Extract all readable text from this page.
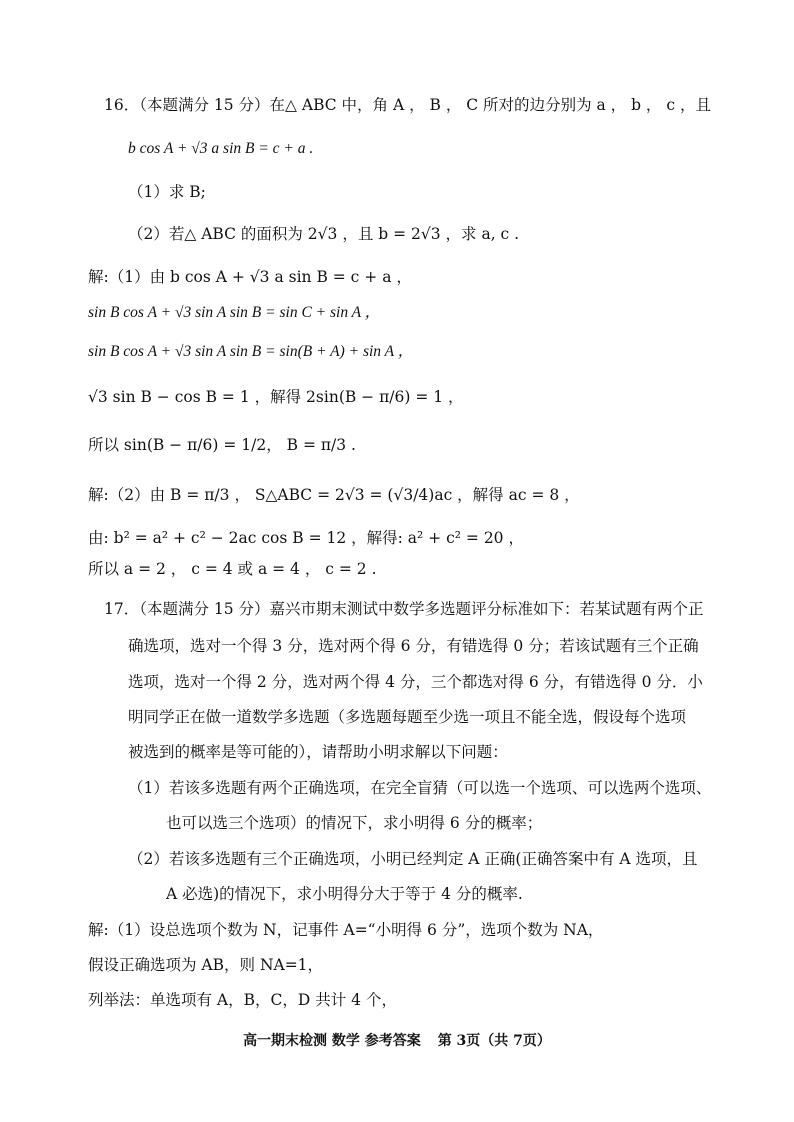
16．（本题满分 15 分）在△ ABC 中，角 A ， B ， C 所对的边分别为 a ， b ， c ，且
b cos A + √3 a sin B = c + a .
（1）求 B;
（2）若△ ABC 的面积为 2√3 ，且 b = 2√3 ，求 a, c .
解:（1）由 b cos A + √3 a sin B = c + a ，
sin B cos A + √3 sin A sin B = sin C + sin A ，
sin B cos A + √3 sin A sin B = sin(B + A) + sin A ，
√3 sin B − cos B = 1 ，解得 2sin(B − π/6) = 1 ，
所以 sin(B − π/6) = 1/2， B = π/3 .
解:（2）由 B = π/3 ， S△ABC = 2√3 = (√3/4)ac ，解得 ac = 8 ，
由: b² = a² + c² − 2ac cos B = 12 ，解得: a² + c² = 20 ，
所以 a = 2 ， c = 4 或 a = 4 ， c = 2 .
17．（本题满分 15 分）嘉兴市期末测试中数学多选题评分标准如下：若某试题有两个正
确选项，选对一个得 3 分，选对两个得 6 分，有错选得 0 分；若该试题有三个正确
选项，选对一个得 2 分，选对两个得 4 分，三个都选对得 6 分，有错选得 0 分．小
明同学正在做一道数学多选题（多选题每题至少选一项且不能全选，假设每个选项
被选到的概率是等可能的），请帮助小明求解以下问题：
（1）若该多选题有两个正确选项，在完全盲猜（可以选一个选项、可以选两个选项、
也可以选三个选项）的情况下，求小明得 6 分的概率；
（2）若该多选题有三个正确选项，小明已经判定 A 正确(正确答案中有 A 选项，且
A 必选)的情况下，求小明得分大于等于 4 分的概率.
解:（1）设总选项个数为 N，记事件 A=“小明得 6 分”，选项个数为 NA，
假设正确选项为 AB，则 NA=1，
列举法：单选项有 A，B，C，D 共计 4 个，
高一期末检测 数学 参考答案 第 3页（共 7页）
